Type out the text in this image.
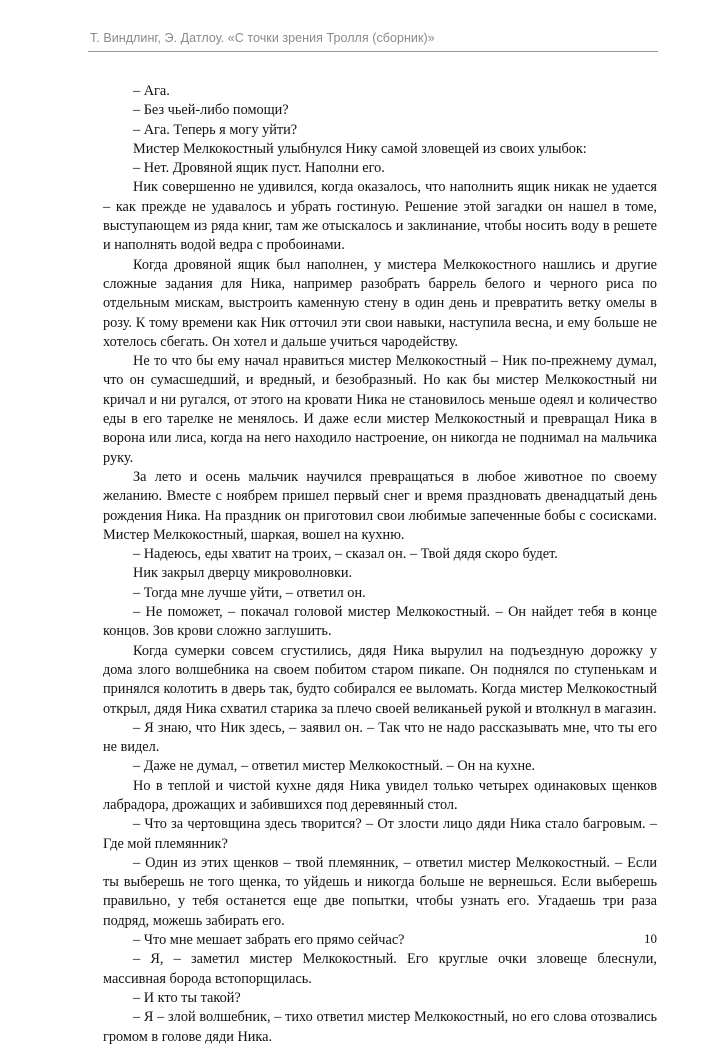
Т. Виндлинг, Э. Датлоу. «С точки зрения Тролля (сборник)»

– Ага.

– Без чьей-либо помощи?

– Ага. Теперь я могу уйти?

Мистер Мелкокостный улыбнулся Нику самой зловещей из своих улыбок:

– Нет. Дровяной ящик пуст. Наполни его.

Ник совершенно не удивился, когда оказалось, что наполнить ящик никак не удается – как прежде не удавалось и убрать гостиную. Решение этой загадки он нашел в томе, выступающем из ряда книг, там же отыскалось и заклинание, чтобы носить воду в решете и наполнять водой ведра с пробоинами.

Когда дровяной ящик был наполнен, у мистера Мелкокостного нашлись и другие сложные задания для Ника, например разобрать баррель белого и черного риса по отдельным мискам, выстроить каменную стену в один день и превратить ветку омелы в розу. К тому времени как Ник отточил эти свои навыки, наступила весна, и ему больше не хотелось сбегать. Он хотел и дальше учиться чародейству.

Не то что бы ему начал нравиться мистер Мелкокостный – Ник по-прежнему думал, что он сумасшедший, и вредный, и безобразный. Но как бы мистер Мелкокостный ни кричал и ни ругался, от этого на кровати Ника не становилось меньше одеял и количество еды в его тарелке не менялось. И даже если мистер Мелкокостный и превращал Ника в ворона или лиса, когда на него находило настроение, он никогда не поднимал на мальчика руку.

За лето и осень мальчик научился превращаться в любое животное по своему желанию. Вместе с ноябрем пришел первый снег и время праздновать двенадцатый день рождения Ника. На праздник он приготовил свои любимые запеченные бобы с сосисками. Мистер Мелкокостный, шаркая, вошел на кухню.

– Надеюсь, еды хватит на троих, – сказал он. – Твой дядя скоро будет.

Ник закрыл дверцу микроволновки.

– Тогда мне лучше уйти, – ответил он.

– Не поможет, – покачал головой мистер Мелкокостный. – Он найдет тебя в конце концов. Зов крови сложно заглушить.

Когда сумерки совсем сгустились, дядя Ника вырулил на подъездную дорожку у дома злого волшебника на своем побитом старом пикапе. Он поднялся по ступенькам и принялся колотить в дверь так, будто собирался ее выломать. Когда мистер Мелкокостный открыл, дядя Ника схватил старика за плечо своей великаньей рукой и втолкнул в магазин.

– Я знаю, что Ник здесь, – заявил он. – Так что не надо рассказывать мне, что ты его не видел.

– Даже не думал, – ответил мистер Мелкокостный. – Он на кухне.

Но в теплой и чистой кухне дядя Ника увидел только четырех одинаковых щенков лабрадора, дрожащих и забившихся под деревянный стол.

– Что за чертовщина здесь творится? – От злости лицо дяди Ника стало багровым. – Где мой племянник?

– Один из этих щенков – твой племянник, – ответил мистер Мелкокостный. – Если ты выберешь не того щенка, то уйдешь и никогда больше не вернешься. Если выберешь правильно, у тебя останется еще две попытки, чтобы узнать его. Угадаешь три раза подряд, можешь забирать его.

– Что мне мешает забрать его прямо сейчас?

– Я, – заметил мистер Мелкокостный. Его круглые очки зловеще блеснули, массивная борода встопорщилась.

– И кто ты такой?

– Я – злой волшебник, – тихо ответил мистер Мелкокостный, но его слова отозвались громом в голове дяди Ника.

10
